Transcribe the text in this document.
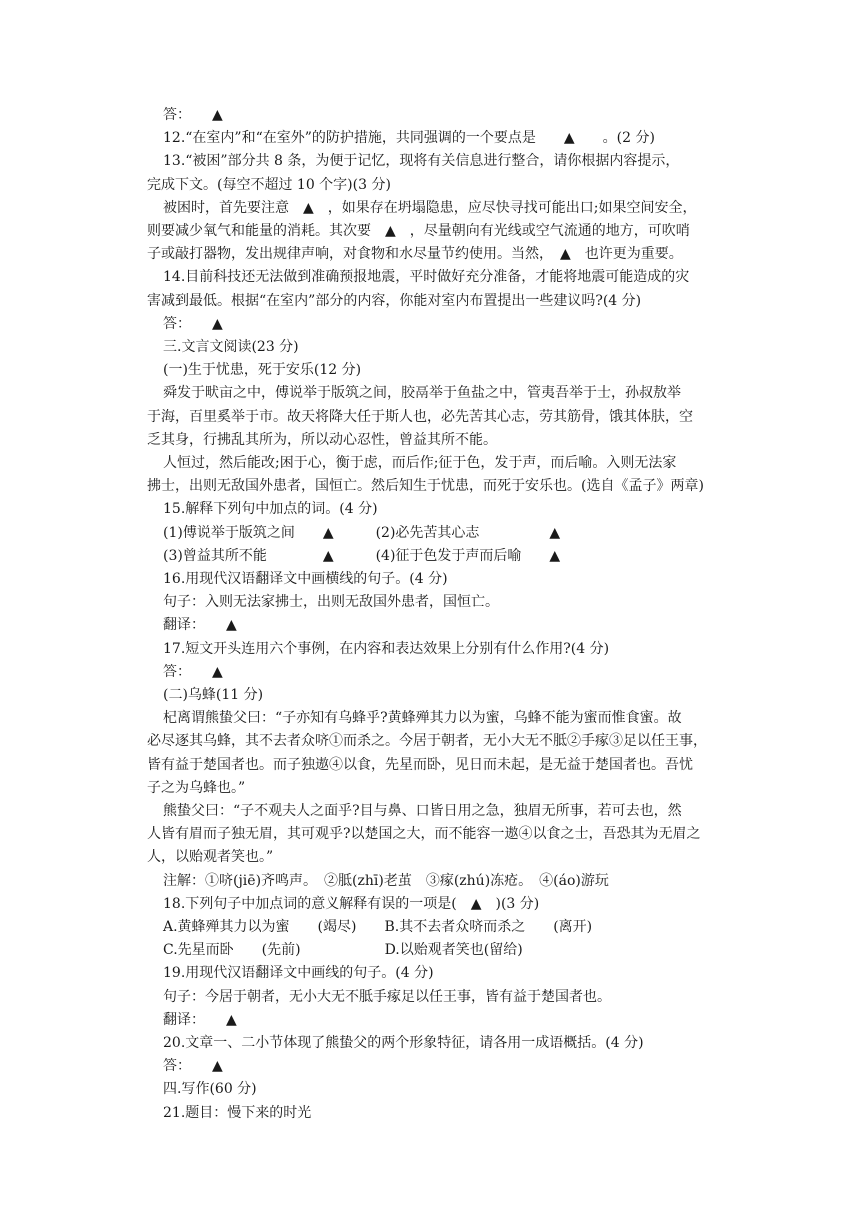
答：　　▲
12.“在室内”和“在室外”的防护措施，共同强调的一个要点是　　▲　　。(2 分)
13.“被困”部分共 8 条，为便于记忆，现将有关信息进行整合，请你根据内容提示，
完成下文。(每空不超过 10 个字)(3 分)
被困时，首先要注意　▲　，如果存在坍塌隐患，应尽快寻找可能出口;如果空间安全，
则要减少氧气和能量的消耗。其次要　▲　，尽量朝向有光线或空气流通的地方，可吹哨
子或敲打器物，发出规律声响，对食物和水尽量节约使用。当然，　▲　也许更为重要。
14.目前科技还无法做到准确预报地震，平时做好充分准备，才能将地震可能造成的灾
害减到最低。根据“在室内”部分的内容，你能对室内布置提出一些建议吗?(4 分)
答：　　▲
三.文言文阅读(23 分)
(一)生于忧患，死于安乐(12 分)
舜发于畎亩之中，傅说举于版筑之间，胶鬲举于鱼盐之中，管夷吾举于士，孙叔敖举
于海，百里奚举于市。故天将降大任于斯人也，必先苦其心志，劳其筋骨，饿其体肤，空
乏其身，行拂乱其所为，所以动心忍性，曾益其所不能。
人恒过，然后能改;困于心，衡于虑，而后作;征于色，发于声，而后喻。入则无法家
拂士，出则无敌国外患者，国恒亡。然后知生于忧患，而死于安乐也。(选自《孟子》两章)
15.解释下列句中加点的词。(4 分)
(1)傅说举于版筑之间　　▲　　　(2)必先苦其心志　　　　　▲
(3)曾益其所不能　　　　▲　　　(4)征于色发于声而后喻　　▲
16.用现代汉语翻译文中画横线的句子。(4 分)
句子：入则无法家拂士，出则无敌国外患者，国恒亡。
翻译：　　▲
17.短文开头连用六个事例，在内容和表达效果上分别有什么作用?(4 分)
答：　　▲
(二)乌蜂(11 分)
杞离谓熊蛰父曰：“子亦知有乌蜂乎?黄蜂殚其力以为蜜，乌蜂不能为蜜而惟食蜜。故
必尽逐其乌蜂，其不去者众哜①而杀之。今居于朝者，无小大无不胝②手瘃③足以任王事，
皆有益于楚国者也。而子独遨④以食，先星而卧，见日而未起，是无益于楚国者也。吾忧
子之为乌蜂也。”
熊蛰父曰：“子不观夫人之面乎?目与鼻、口皆日用之急，独眉无所事，若可去也，然
人皆有眉而子独无眉，其可观乎?以楚国之大，而不能容一遨④以食之士，吾恐其为无眉之
人，以贻观者笑也。”
注解：①哜(jiē)齐鸣声。　②胝(zhī)老茧　③瘃(zhú)冻疮。　④(áo)游玩
18.下列句子中加点词的意义解释有误的一项是(　▲　)(3 分)
A.黄蜂殚其力以为蜜　　(竭尽)　　B.其不去者众哜而杀之　　(离开)
C.先星而卧　　(先前)　　　　　　D.以贻观者笑也(留给)
19.用现代汉语翻译文中画线的句子。(4 分)
句子：今居于朝者，无小大无不胝手瘃足以任王事，皆有益于楚国者也。
翻译：　　▲
20.文章一、二小节体现了熊蛰父的两个形象特征，请各用一成语概括。(4 分)
答：　　▲
四.写作(60 分)
21.题目：慢下来的时光
